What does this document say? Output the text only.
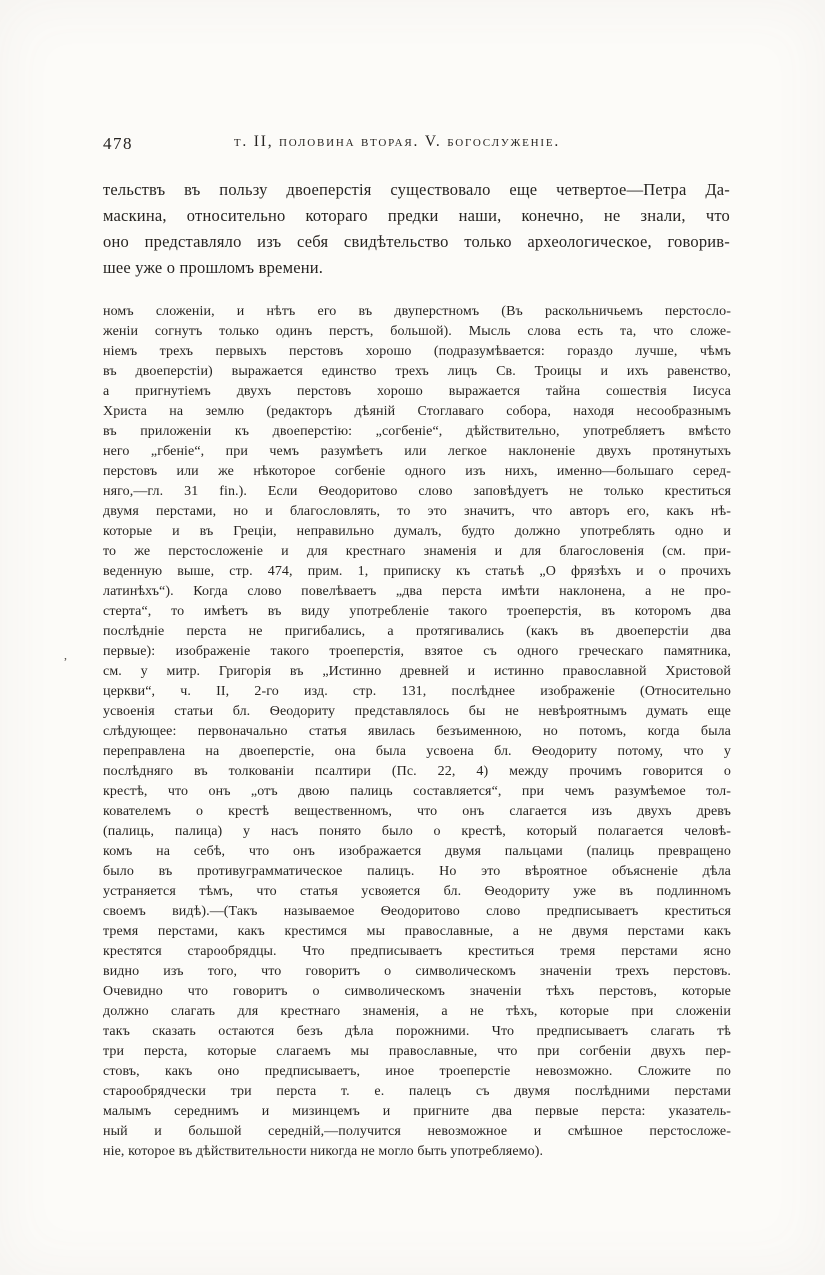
т. II, половина вторая. V. богослуженіе.
478
тельствъ въ пользу двоеперстія существовало еще четвертое—Петра Да-
маскина, относительно котораго предки наши, конечно, не знали, что
оно представляло изъ себя свидѣтельство только археологическое, говорив-
шее уже о прошломъ времени.
,
номъ сложеніи, и нѣтъ его въ двуперстномъ (Въ раскольничьемъ перстосло-
женіи согнутъ только одинъ перстъ, большой). Мысль слова есть та, что сложе-
ніемъ трехъ первыхъ перстовъ хорошо (подразумѣвается: гораздо лучше, чѣмъ
въ двоеперстіи) выражается единство трехъ лицъ Св. Троицы и ихъ равенство,
а пригнутіемъ двухъ перстовъ хорошо выражается тайна сошествія Іисуса
Христа на землю (редакторъ дѣяній Стоглаваго собора, находя несообразнымъ
въ приложеніи къ двоеперстію: „согбеніе“, дѣйствительно, употребляетъ вмѣсто
него „гбеніе“, при чемъ разумѣетъ или легкое наклоненіе двухъ протянутыхъ
перстовъ или же нѣкоторое согбеніе одного изъ нихъ, именно—большаго серед-
няго,—гл. 31 fin.). Если Ѳеодоритово слово заповѣдуетъ не только креститься
двумя перстами, но и благословлять, то это значитъ, что авторъ его, какъ нѣ-
которые и въ Греціи, неправильно думалъ, будто должно употреблять одно и
то же перстосложеніе и для крестнаго знаменія и для благословенія (см. при-
веденную выше, стр. 474, прим. 1, приписку къ статьѣ „О фрязѣхъ и о прочихъ
латинѣхъ“). Когда слово повелѣваетъ „два перста имѣти наклонена, а не про-
стерта“, то имѣетъ въ виду употребленіе такого троеперстія, въ которомъ два
послѣдніе перста не пригибались, а протягивались (какъ въ двоеперстіи два
первые): изображеніе такого троеперстія, взятое съ одного греческаго памятника,
см. у митр. Григорія въ „Истинно древней и истинно православной Христовой
церкви“, ч. II, 2-го изд. стр. 131, послѣднее изображеніе (Относительно
усвоенія статьи бл. Ѳеодориту представлялось бы не невѣроятнымъ думать еще
слѣдующее: первоначально статья явилась безъименною, но потомъ, когда была
переправлена на двоеперстіе, она была усвоена бл. Ѳеодориту потому, что у
послѣдняго въ толкованіи псалтири (Пс. 22, 4) между прочимъ говорится о
крестѣ, что онъ „отъ двою палиць составляется“, при чемъ разумѣемое тол-
кователемъ о крестѣ вещественномъ, что онъ слагается изъ двухъ древъ
(палиць, палица) у насъ понято было о крестѣ, который полагается человѣ-
комъ на себѣ, что онъ изображается двумя пальцами (палиць превращено
было въ противуграмматическое палицъ. Но это вѣроятное объясненіе дѣла
устраняется тѣмъ, что статья усвояется бл. Ѳеодориту уже въ подлинномъ
своемъ видѣ).—(Такъ называемое Ѳеодоритово слово предписываетъ креститься
тремя перстами, какъ крестимся мы православные, а не двумя перстами какъ
крестятся старообрядцы. Что предписываетъ креститься тремя перстами ясно
видно изъ того, что говоритъ о символическомъ значеніи трехъ перстовъ.
Очевидно что говоритъ о символическомъ значеніи тѣхъ перстовъ, которые
должно слагать для крестнаго знаменія, а не тѣхъ, которые при сложеніи
такъ сказать остаются безъ дѣла порожними. Что предписываетъ слагать тѣ
три перста, которые слагаемъ мы православные, что при согбеніи двухъ пер-
стовъ, какъ оно предписываетъ, иное троеперстіе невозможно. Сложите по
старообрядчески три перста т. е. палецъ съ двумя послѣдними перстами
малымъ середнимъ и мизинцемъ и пригните два первые перста: указатель-
ный и большой середній,—получится невозможное и смѣшное перстосложе-
ніе, которое въ дѣйствительности никогда не могло быть употребляемо).
